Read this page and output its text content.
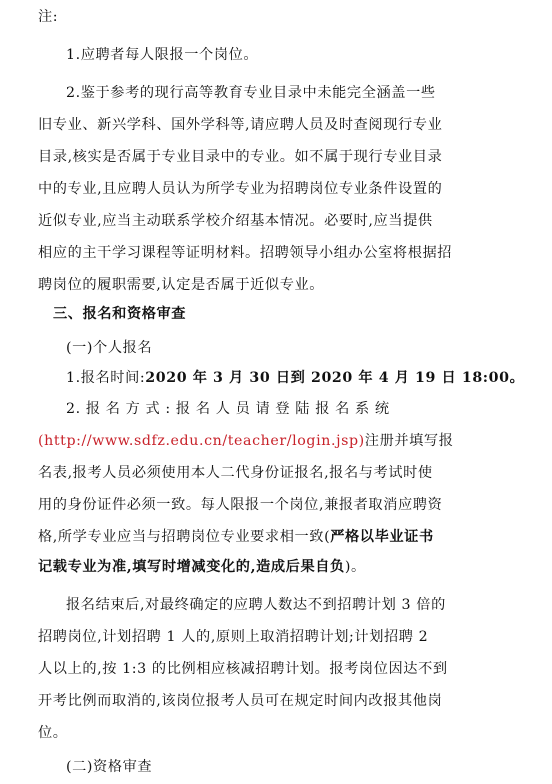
注:
1.应聘者每人限报一个岗位。
2.鉴于参考的现行高等教育专业目录中未能完全涵盖一些
旧专业、新兴学科、国外学科等,请应聘人员及时查阅现行专业
目录,核实是否属于专业目录中的专业。如不属于现行专业目录
中的专业,且应聘人员认为所学专业为招聘岗位专业条件设置的
近似专业,应当主动联系学校介绍基本情况。必要时,应当提供
相应的主干学习课程等证明材料。招聘领导小组办公室将根据招
聘岗位的履职需要,认定是否属于近似专业。
三、报名和资格审查
(一)个人报名
1.报名时间:2020 年 3 月 30 日到 2020 年 4 月 19 日 18:00。
2. 报 名 方 式 : 报 名 人 员 请 登 陆 报 名 系 统
(http://www.sdfz.edu.cn/teacher/login.jsp)注册并填写报
名表,报考人员必须使用本人二代身份证报名,报名与考试时使
用的身份证件必须一致。每人限报一个岗位,兼报者取消应聘资
格,所学专业应当与招聘岗位专业要求相一致(严格以毕业证书
记载专业为准,填写时增减变化的,造成后果自负)。
报名结束后,对最终确定的应聘人数达不到招聘计划 3 倍的
招聘岗位,计划招聘 1 人的,原则上取消招聘计划;计划招聘 2
人以上的,按 1:3 的比例相应核减招聘计划。报考岗位因达不到
开考比例而取消的,该岗位报考人员可在规定时间内改报其他岗
位。
(二)资格审查
